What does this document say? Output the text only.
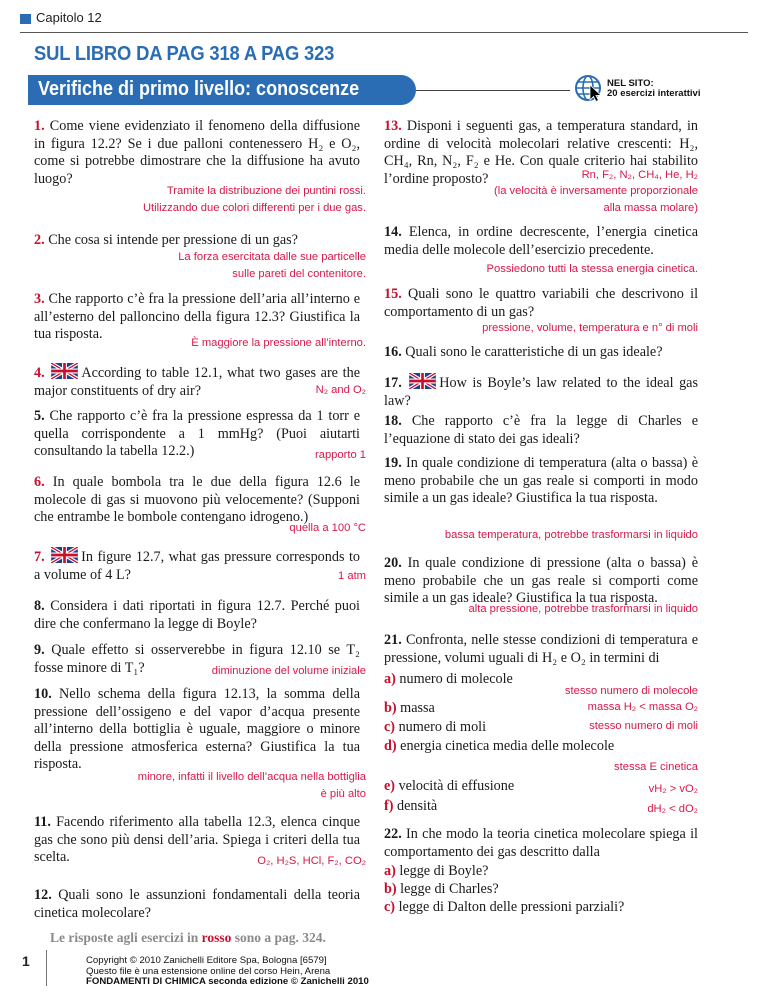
Capitolo 12
SUL LIBRO DA PAG 318 A PAG 323
Verifiche di primo livello: conoscenze	NEL SITO:
20 esercizi interattivi
1. Come viene evidenziato il fenomeno della diffusione in figura 12.2? Se i due palloni contenessero H₂ e O₂, come si potrebbe dimostrare che la diffusione ha avuto luogo?
Tramite la distribuzione dei puntini rossi.
Utilizzando due colori differenti per i due gas.
2. Che cosa si intende per pressione di un gas?
La forza esercitata dalle sue particelle
sulle pareti del contenitore.
3. Che rapporto c’è fra la pressione dell’aria all’interno e all’esterno del palloncino della figura 12.3? Giustifica la tua risposta.
È maggiore la pressione all’interno.
4.	According to table 12.1, what two gases are the major constituents of dry air?	N₂ and O₂
5. Che rapporto c’è fra la pressione espressa da 1 torr e quella corrispondente a 1 mmHg? (Puoi aiutarti consultando la tabella 12.2.)	rapporto 1
6. In quale bombola tra le due della figura 12.6 le molecole di gas si muovono più velocemente? (Supponi che entrambe le bombole contengano idrogeno.)
quella a 100 °C
7.	In figure 12.7, what gas pressure corresponds to a volume of 4 L?	1 atm
8. Considera i dati riportati in figura 12.7. Perché puoi dire che confermano la legge di Boyle?
9. Quale effetto si osserverebbe in figura 12.10 se T₂ fosse minore di T₁?	diminuzione del volume iniziale
10. Nello schema della figura 12.13, la somma della pressione dell’ossigeno e del vapor d’acqua presente all’interno della bottiglia è uguale, maggiore o minore della pressione atmosferica esterna? Giustifica la tua risposta.
minore, infatti il livello dell’acqua nella bottiglia
è più alto
11. Facendo riferimento alla tabella 12.3, elenca cinque gas che sono più densi dell’aria. Spiega i criteri della tua scelta.	O₂, H₂S, HCl, F₂, CO₂
12. Quali sono le assunzioni fondamentali della teoria cinetica molecolare?
13. Disponi i seguenti gas, a temperatura standard, in ordine di velocità molecolari relative crescenti: H₂, CH₄, Rn, N₂, F₂ e He. Con quale criterio hai stabilito l’ordine proposto?	Rn, F₂, N₂, CH₄, He, H₂
(la velocità è inversamente proporzionale
alla massa molare)
14. Elenca, in ordine decrescente, l’energia cinetica media delle molecole dell’esercizio precedente.
Possiedono tutti la stessa energia cinetica.
15. Quali sono le quattro variabili che descrivono il comportamento di un gas?
pressione, volume, temperatura e n° di moli
16. Quali sono le caratteristiche di un gas ideale?
17.	How is Boyle’s law related to the ideal gas law?
18. Che rapporto c’è fra la legge di Charles e l’equazione di stato dei gas ideali?
19. In quale condizione di temperatura (alta o bassa) è meno probabile che un gas reale si comporti in modo simile a un gas ideale? Giustifica la tua risposta.
bassa temperatura, potrebbe trasformarsi in liquido
20. In quale condizione di pressione (alta o bassa) è meno probabile che un gas reale si comporti come simile a un gas ideale? Giustifica la tua risposta.
alta pressione, potrebbe trasformarsi in liquido
21. Confronta, nelle stesse condizioni di temperatura e pressione, volumi uguali di H₂ e O₂ in termini di
a) numero di molecole
stesso numero di molecole
b) massa	massa H₂ < massa O₂
c) numero di moli	stesso numero di moli
d) energia cinetica media delle molecole
stessa E cinetica
e) velocità di effusione	vH₂ > vO₂
f) densità	dH₂ < dO₂
22. In che modo la teoria cinetica molecolare spiega il comportamento dei gas descritto dalla
a) legge di Boyle?
b) legge di Charles?
c) legge di Dalton delle pressioni parziali?
Le risposte agli esercizi in rosso sono a pag. 324.
1	Copyright © 2010 Zanichelli Editore Spa, Bologna [6579]
Questo file è una estensione online del corso Hein, Arena
FONDAMENTI DI CHIMICA seconda edizione © Zanichelli 2010
